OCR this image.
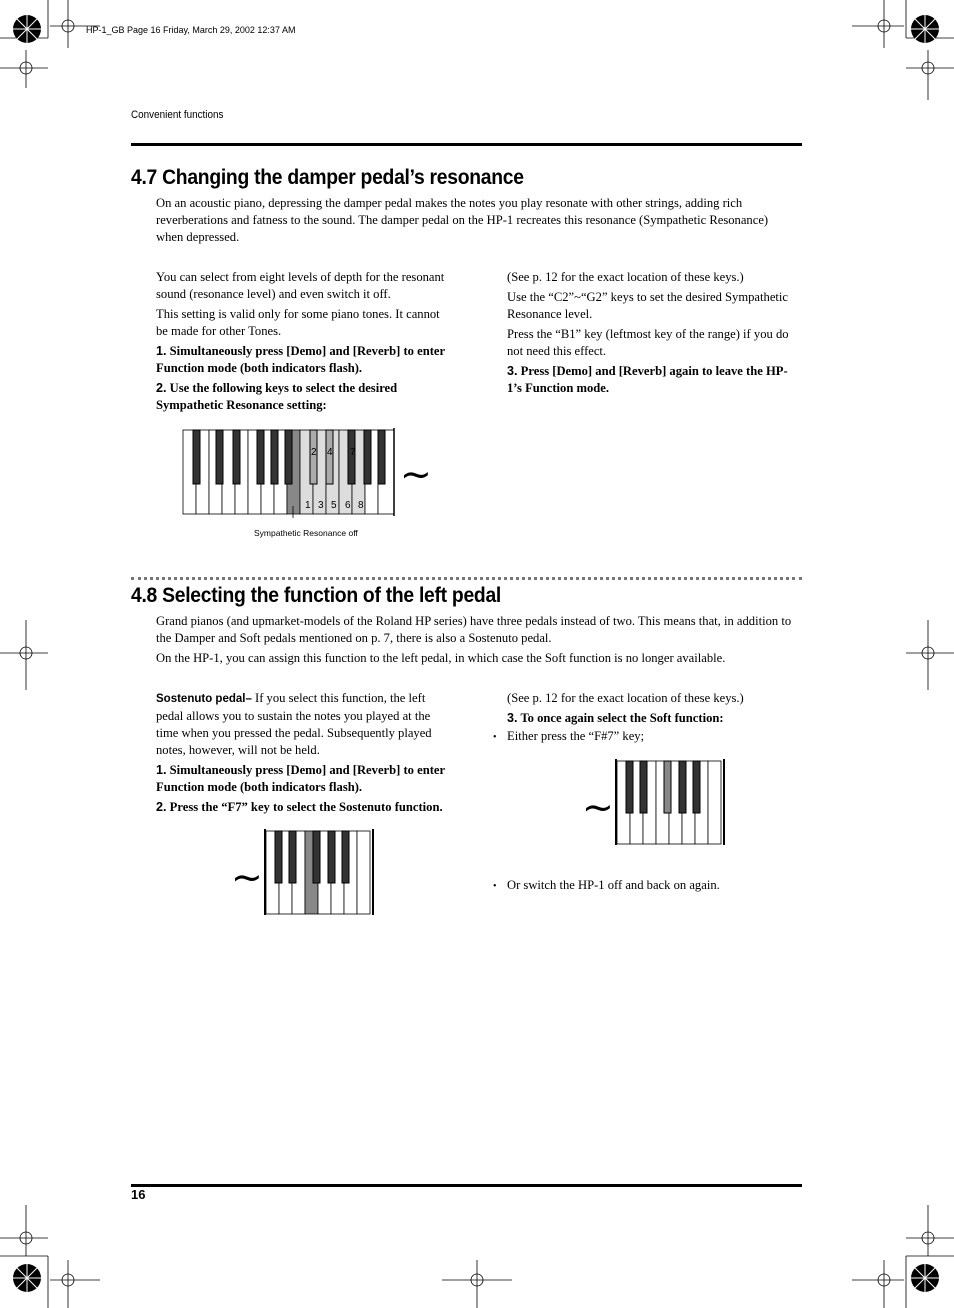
HP-1_GB Page 16 Friday, March 29, 2002 12:37 AM
Convenient functions
4.7 Changing the damper pedal’s resonance

On an acoustic piano, depressing the damper pedal makes the notes you play resonate with other strings, adding rich reverberations and fatness to the sound. The damper pedal on the HP-1 recreates this resonance (Sympathetic Resonance) when depressed.

You can select from eight levels of depth for the resonant sound (resonance level) and even switch it off.

This setting is valid only for some piano tones. It cannot be made for other Tones.

1. Simultaneously press [Demo] and [Reverb] to enter Function mode (both indicators flash).

2. Use the following keys to select the desired Sympathetic Resonance setting:

(See p. 12 for the exact location of these keys.)

Use the “C2”~“G2” keys to set the desired Sympathetic Resonance level.

Press the “B1” key (leftmost key of the range) if you do not need this effect.

3. Press [Demo] and [Reverb] again to leave the HP-1’s Function mode.

2 4 7
1 3 5 6 8
~
Sympathetic Resonance off
4.8 Selecting the function of the left pedal

Grand pianos (and upmarket-models of the Roland HP series) have three pedals instead of two. This means that, in addition to the Damper and Soft pedals mentioned on p. 7, there is also a Sostenuto pedal.

On the HP-1, you can assign this function to the left pedal, in which case the Soft function is no longer available.

Sostenuto pedal– If you select this function, the left pedal allows you to sustain the notes you played at the time when you pressed the pedal. Subsequently played notes, however, will not be held.

1. Simultaneously press [Demo] and [Reverb] to enter Function mode (both indicators flash).

2. Press the “F7” key to select the Sostenuto function.

(See p. 12 for the exact location of these keys.)

3. To once again select the Soft function:

• Either press the “F#7” key;

• Or switch the HP-1 off and back on again.

~
~
16
